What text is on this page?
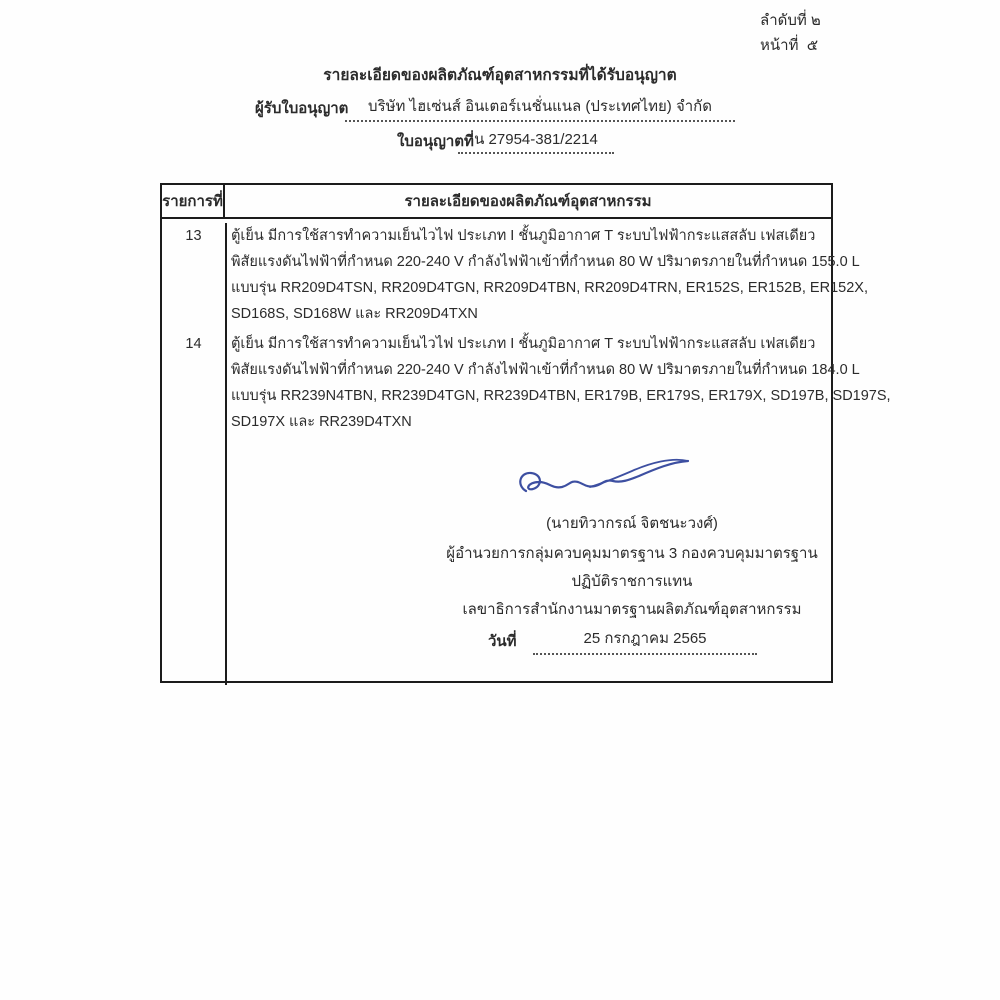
ลำดับที่ ๒
หน้าที่  ๕
รายละเอียดของผลิตภัณฑ์อุตสาหกรรมที่ได้รับอนุญาต
ผู้รับใบอนุญาต	บริษัท ไฮเซ่นส์ อินเตอร์เนชั่นแนล (ประเทศไทย) จำกัด
ใบอนุญาตที่ น 27954-381/2214
รายการที่	รายละเอียดของผลิตภัณฑ์อุตสาหกรรม
13	ตู้เย็น มีการใช้สารทำความเย็นไวไฟ ประเภท I ชั้นภูมิอากาศ T ระบบไฟฟ้ากระแสสลับ เฟสเดียว
พิสัยแรงดันไฟฟ้าที่กำหนด 220-240 V กำลังไฟฟ้าเข้าที่กำหนด 80 W ปริมาตรภายในที่กำหนด 155.0 L
แบบรุ่น RR209D4TSN, RR209D4TGN, RR209D4TBN, RR209D4TRN, ER152S, ER152B, ER152X,
SD168S, SD168W และ RR209D4TXN
14	ตู้เย็น มีการใช้สารทำความเย็นไวไฟ ประเภท I ชั้นภูมิอากาศ T ระบบไฟฟ้ากระแสสลับ เฟสเดียว
พิสัยแรงดันไฟฟ้าที่กำหนด 220-240 V กำลังไฟฟ้าเข้าที่กำหนด 80 W ปริมาตรภายในที่กำหนด 184.0 L
แบบรุ่น RR239N4TBN, RR239D4TGN, RR239D4TBN, ER179B, ER179S, ER179X, SD197B, SD197S,
SD197X และ RR239D4TXN
(นายทิวากรณ์ จิตชนะวงศ์)
ผู้อำนวยการกลุ่มควบคุมมาตรฐาน 3 กองควบคุมมาตรฐาน
ปฏิบัติราชการแทน
เลขาธิการสำนักงานมาตรฐานผลิตภัณฑ์อุตสาหกรรม
วันที่	25 กรกฎาคม 2565
